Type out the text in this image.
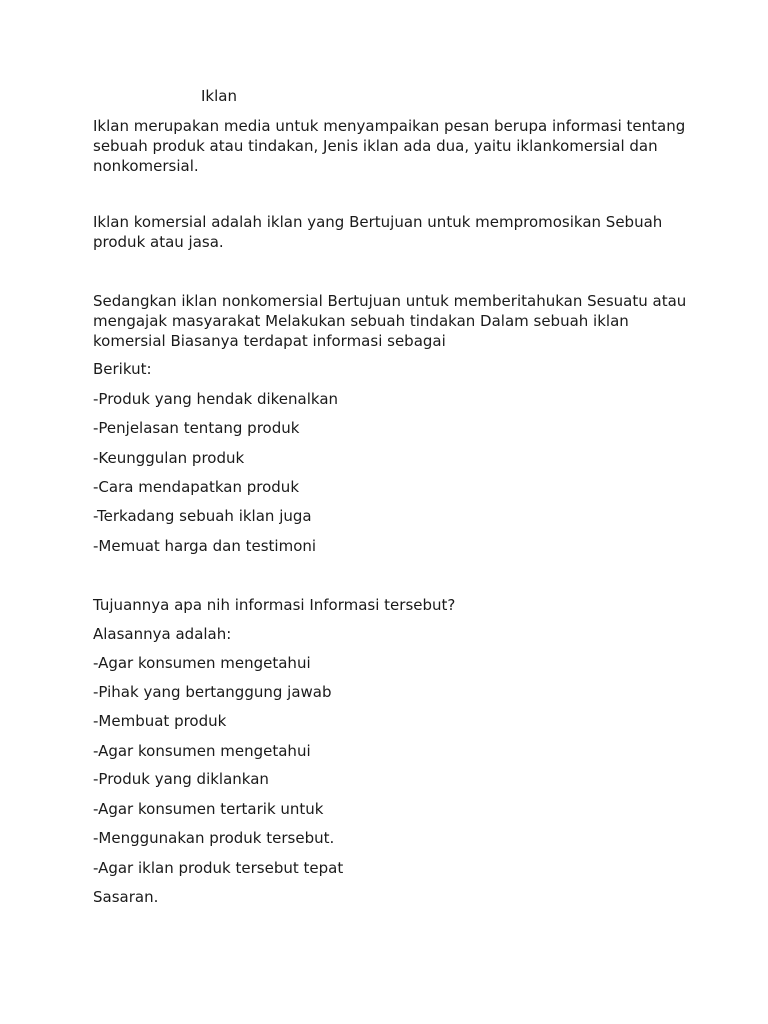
Iklan

Iklan merupakan media untuk menyampaikan pesan berupa informasi tentang sebuah produk atau tindakan, Jenis iklan ada dua, yaitu iklankomersial dan nonkomersial.

Iklan komersial adalah iklan yang Bertujuan untuk mempromosikan Sebuah produk atau jasa.

Sedangkan iklan nonkomersial Bertujuan untuk memberitahukan Sesuatu atau mengajak masyarakat Melakukan sebuah tindakan Dalam sebuah iklan komersial Biasanya terdapat informasi sebagai

Berikut:

-Produk yang hendak dikenalkan

-Penjelasan tentang produk

-Keunggulan produk

-Cara mendapatkan produk

-Terkadang sebuah iklan juga

-Memuat harga dan testimoni

Tujuannya apa nih informasi Informasi tersebut?

Alasannya adalah:

-Agar konsumen mengetahui

-Pihak yang bertanggung jawab

-Membuat produk

-Agar konsumen mengetahui

-Produk yang diklankan

-Agar konsumen tertarik untuk

-Menggunakan produk tersebut.

-Agar iklan produk tersebut tepat

Sasaran.
